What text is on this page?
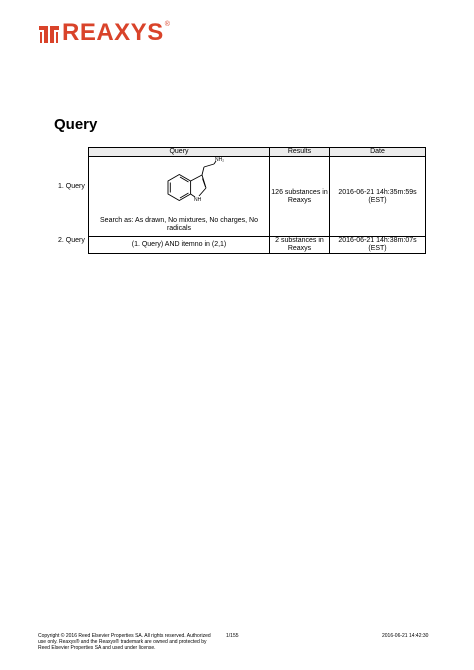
REAXYS ®
Query
1. Query
2. Query
Query	Results	Date

NH₂
NH
Search as: As drawn, No mixtures, No charges, No radicals	126 substances in Reaxys	2016-06-21 14h:35m:59s (EST)

(1. Query) AND itemno in (2,1)	2 substances in Reaxys	2016-06-21 14h:38m:07s (EST)
Copyright © 2016 Reed Elsevier Properties SA. All rights reserved. Authorized use only. Reaxys® and the Reaxys® trademark are owned and protected by Reed Elsevier Properties SA and used under license.
1/155	2016-06-21 14:42:30
